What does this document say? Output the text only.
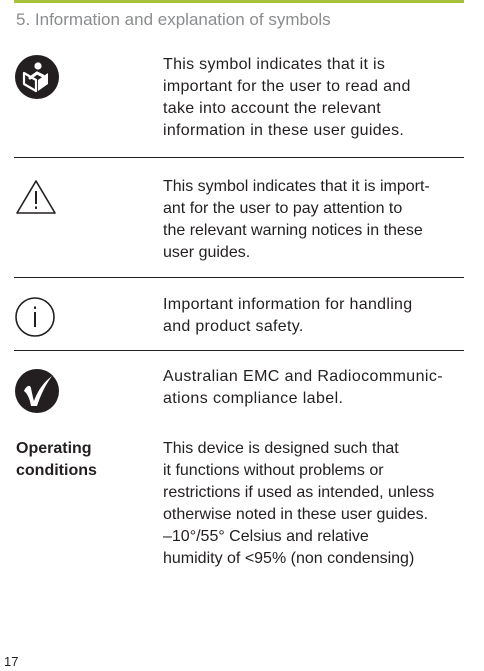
5. Information and explanation of symbols
This symbol indicates that it is
important for the user to read and
take into account the relevant
information in these user guides.
This symbol indicates that it is import-
ant for the user to pay attention to
the relevant warning notices in these
user guides.
Important information for handling
and product safety.
Australian EMC and Radiocommunic-
ations compliance label.
Operating
conditions
This device is designed such that
it functions without problems or
restrictions if used as intended, unless
otherwise noted in these user guides.
–10°/55° Celsius and relative
humidity of <95% (non condensing)
17
